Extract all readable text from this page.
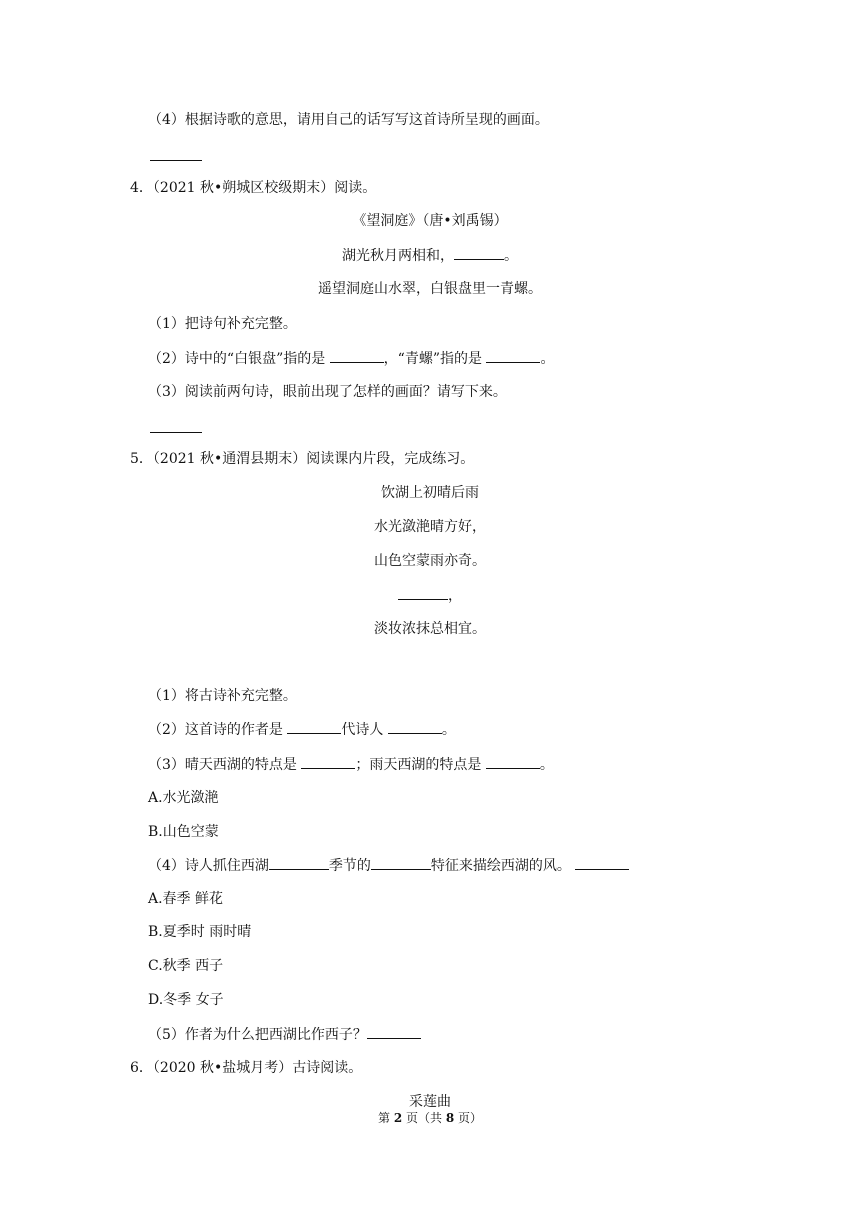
（4）根据诗歌的意思，请用自己的话写写这首诗所呈现的画面。
4．（2021 秋•朔城区校级期末）阅读。
《望洞庭》（唐•刘禹锡）
湖光秋月两相和，	。
遥望洞庭山水翠，白银盘里一青螺。
（1）把诗句补充完整。
（2）诗中的“白银盘”指的是	，“青螺”指的是	。
（3）阅读前两句诗，眼前出现了怎样的画面？请写下来。
5．（2021 秋•通渭县期末）阅读课内片段，完成练习。
饮湖上初晴后雨
水光潋滟晴方好，
山色空蒙雨亦奇。
，
淡妆浓抹总相宜。
（1）将古诗补充完整。
（2）这首诗的作者是	代诗人	。
（3）晴天西湖的特点是	；雨天西湖的特点是	。
A.水光潋滟
B.山色空蒙
（4）诗人抓住西湖	季节的	特征来描绘西湖的风。
A.春季 鲜花
B.夏季时 雨时晴
C.秋季 西子
D.冬季 女子
（5）作者为什么把西湖比作西子？
6．（2020 秋•盐城月考）古诗阅读。
采莲曲
第 2 页（共 8 页）
